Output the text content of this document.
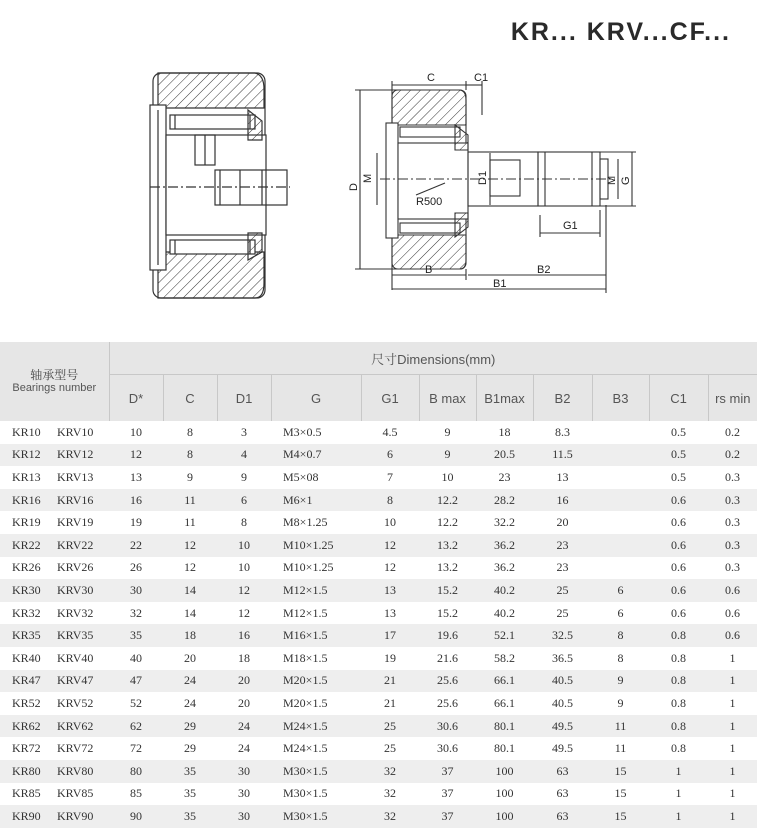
KR... KRV...CF...
C	C1
D
M	D1
R500
M G
G1
B	B2
B1
轴承型号
Bearings number		尺寸Dimensions(mm)										
		D*	C	D1	G	G1	B max	B1max	B2	B3	C1	rs min
KR10	KRV10	10	8	3	M3×0.5	4.5	9	18	8.3		0.5	0.2
KR12	KRV12	12	8	4	M4×0.7	6	9	20.5	11.5		0.5	0.2
KR13	KRV13	13	9	9	M5×08	7	10	23	13		0.5	0.3
KR16	KRV16	16	11	6	M6×1	8	12.2	28.2	16		0.6	0.3
KR19	KRV19	19	11	8	M8×1.25	10	12.2	32.2	20		0.6	0.3
KR22	KRV22	22	12	10	M10×1.25	12	13.2	36.2	23		0.6	0.3
KR26	KRV26	26	12	10	M10×1.25	12	13.2	36.2	23		0.6	0.3
KR30	KRV30	30	14	12	M12×1.5	13	15.2	40.2	25	6	0.6	0.6
KR32	KRV32	32	14	12	M12×1.5	13	15.2	40.2	25	6	0.6	0.6
KR35	KRV35	35	18	16	M16×1.5	17	19.6	52.1	32.5	8	0.8	0.6
KR40	KRV40	40	20	18	M18×1.5	19	21.6	58.2	36.5	8	0.8	1
KR47	KRV47	47	24	20	M20×1.5	21	25.6	66.1	40.5	9	0.8	1
KR52	KRV52	52	24	20	M20×1.5	21	25.6	66.1	40.5	9	0.8	1
KR62	KRV62	62	29	24	M24×1.5	25	30.6	80.1	49.5	11	0.8	1
KR72	KRV72	72	29	24	M24×1.5	25	30.6	80.1	49.5	11	0.8	1
KR80	KRV80	80	35	30	M30×1.5	32	37	100	63	15	1	1
KR85	KRV85	85	35	30	M30×1.5	32	37	100	63	15	1	1
KR90	KRV90	90	35	30	M30×1.5	32	37	100	63	15	1	1
